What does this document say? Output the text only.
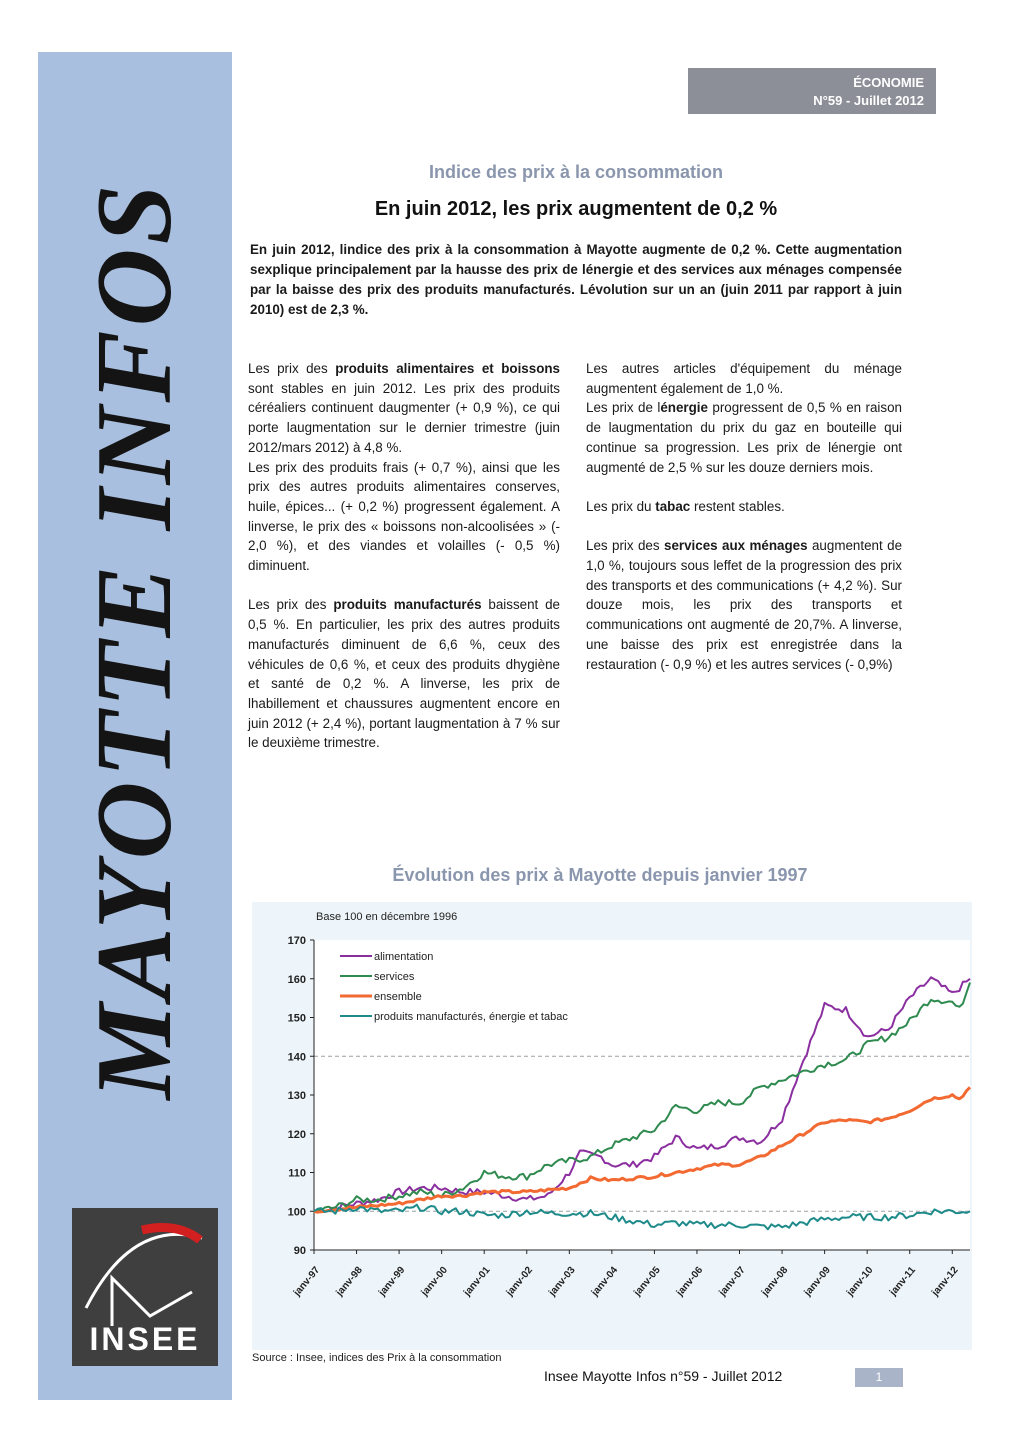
MAYOTTE INFOS
INSEE
ÉCONOMIE
N°59 - Juillet 2012
Indice des prix à la consommation
En juin 2012, les prix augmentent de 0,2 %

En juin 2012, lindice des prix à la consommation à Mayotte augmente de 0,2 %. Cette augmentation sexplique principalement par la hausse des prix de lénergie et des services aux ménages compensée par la baisse des prix des produits manufacturés. Lévolution sur un an (juin 2011 par rapport à juin 2010) est de 2,3 %.

Les prix des produits alimentaires et boissons sont stables en juin 2012. Les prix des produits céréaliers continuent daugmenter (+ 0,9 %), ce qui porte laugmentation sur le dernier trimestre (juin 2012/mars 2012) à 4,8 %.

Les prix des produits frais (+ 0,7 %), ainsi que les prix des autres produits alimentaires conserves, huile, épices... (+ 0,2 %) progressent également. A linverse, le prix des « boissons non-alcoolisées » (- 2,0 %), et des viandes et volailles (- 0,5 %) diminuent.

Les prix des produits manufacturés baissent de 0,5 %. En particulier, les prix des autres produits manufacturés diminuent de 6,6 %, ceux des véhicules de 0,6 %, et ceux des produits dhygiène et santé de 0,2 %. A linverse, les prix de lhabillement et chaussures augmentent encore en juin 2012 (+ 2,4 %), portant laugmentation à 7 % sur le deuxième trimestre.

Les autres articles d'équipement du ménage augmentent également de 1,0 %.

Les prix de lénergie progressent de 0,5 % en raison de laugmentation du prix du gaz en bouteille qui continue sa progression. Les prix de lénergie ont augmenté de 2,5 % sur les douze derniers mois.

Les prix du tabac restent stables.

Les prix des services aux ménages augmentent de 1,0 %, toujours sous leffet de la progression des prix des transports et des communications (+ 4,2 %). Sur douze mois, les prix des transports et communications ont augmenté de 20,7%. A linverse, une baisse des prix est enregistrée dans la restauration (- 0,9 %) et les autres services (- 0,9%)

Évolution des prix à Mayotte depuis janvier 1997
Base 100 en décembre 1996
90
100
110
120
130
140
150
160
170
janv-97 janv-98 janv-99 janv-00 janv-01 janv-02 janv-03 janv-04 janv-05 janv-06 janv-07 janv-08 janv-09 janv-10 janv-11 janv-12
alimentation
services
ensemble
produits manufacturés, énergie et tabac
Source : Insee, indices des Prix à la consommation
Insee Mayotte Infos n°59 - Juillet 2012	1
